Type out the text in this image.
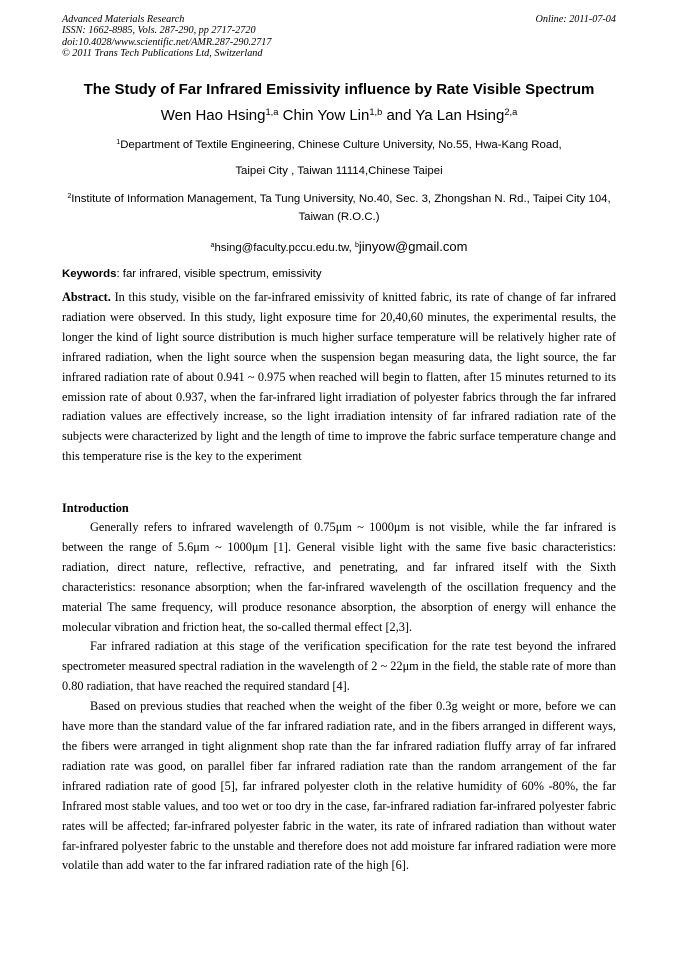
Advanced Materials Research
ISSN: 1662-8985, Vols. 287-290, pp 2717-2720
doi:10.4028/www.scientific.net/AMR.287-290.2717
© 2011 Trans Tech Publications Ltd, Switzerland
Online: 2011-07-04
The Study of Far Infrared Emissivity influence by Rate Visible Spectrum
Wen Hao Hsing$^{1,a}$ Chin Yow Lin$^{1,b}$ and Ya Lan Hsing$^{2,a}$
$^1$Department of Textile Engineering, Chinese Culture University, No.55, Hwa-Kang Road,
Taipei City , Taiwan 11114,Chinese Taipei
$^2$Institute of Information Management, Ta Tung University, No.40, Sec. 3, Zhongshan N. Rd., Taipei City 104, Taiwan (R.O.C.)
$^a$hsing@faculty.pccu.edu.tw, $^b$jinyow@gmail.com
Keywords: far infrared, visible spectrum, emissivity
Abstract. In this study, visible on the far-infrared emissivity of knitted fabric, its rate of change of far infrared radiation were observed. In this study, light exposure time for 20,40,60 minutes, the experimental results, the longer the kind of light source distribution is much higher surface temperature will be relatively higher rate of infrared radiation, when the light source when the suspension began measuring data, the light source, the far infrared radiation rate of about 0.941 ~ 0.975 when reached will begin to flatten, after 15 minutes returned to its emission rate of about 0.937, when the far-infrared light irradiation of polyester fabrics through the far infrared radiation values are effectively increase, so the light irradiation intensity of far infrared radiation rate of the subjects were characterized by light and the length of time to improve the fabric surface temperature change and this temperature rise is the key to the experiment
Introduction

Generally refers to infrared wavelength of 0.75μm ~ 1000μm is not visible, while the far infrared is between the range of 5.6μm ~ 1000μm [1]. General visible light with the same five basic characteristics: radiation, direct nature, reflective, refractive, and penetrating, and far infrared itself with the Sixth characteristics: resonance absorption; when the far-infrared wavelength of the oscillation frequency and the material The same frequency, will produce resonance absorption, the absorption of energy will enhance the molecular vibration and friction heat, the so-called thermal effect [2,3].

Far infrared radiation at this stage of the verification specification for the rate test beyond the infrared spectrometer measured spectral radiation in the wavelength of 2 ~ 22μm in the field, the stable rate of more than 0.80 radiation, that have reached the required standard [4].

Based on previous studies that reached when the weight of the fiber 0.3g weight or more, before we can have more than the standard value of the far infrared radiation rate, and in the fibers arranged in different ways, the fibers were arranged in tight alignment shop rate than the far infrared radiation fluffy array of far infrared radiation rate was good, on parallel fiber far infrared radiation rate than the random arrangement of the far infrared radiation rate of good [5], far infrared polyester cloth in the relative humidity of 60% -80%, the far Infrared most stable values, and too wet or too dry in the case, far-infrared radiation far-infrared polyester fabric rates will be affected; far-infrared polyester fabric in the water, its rate of infrared radiation than without water far-infrared polyester fabric to the unstable and therefore does not add moisture far infrared radiation were more volatile than add water to the far infrared radiation rate of the high [6].
